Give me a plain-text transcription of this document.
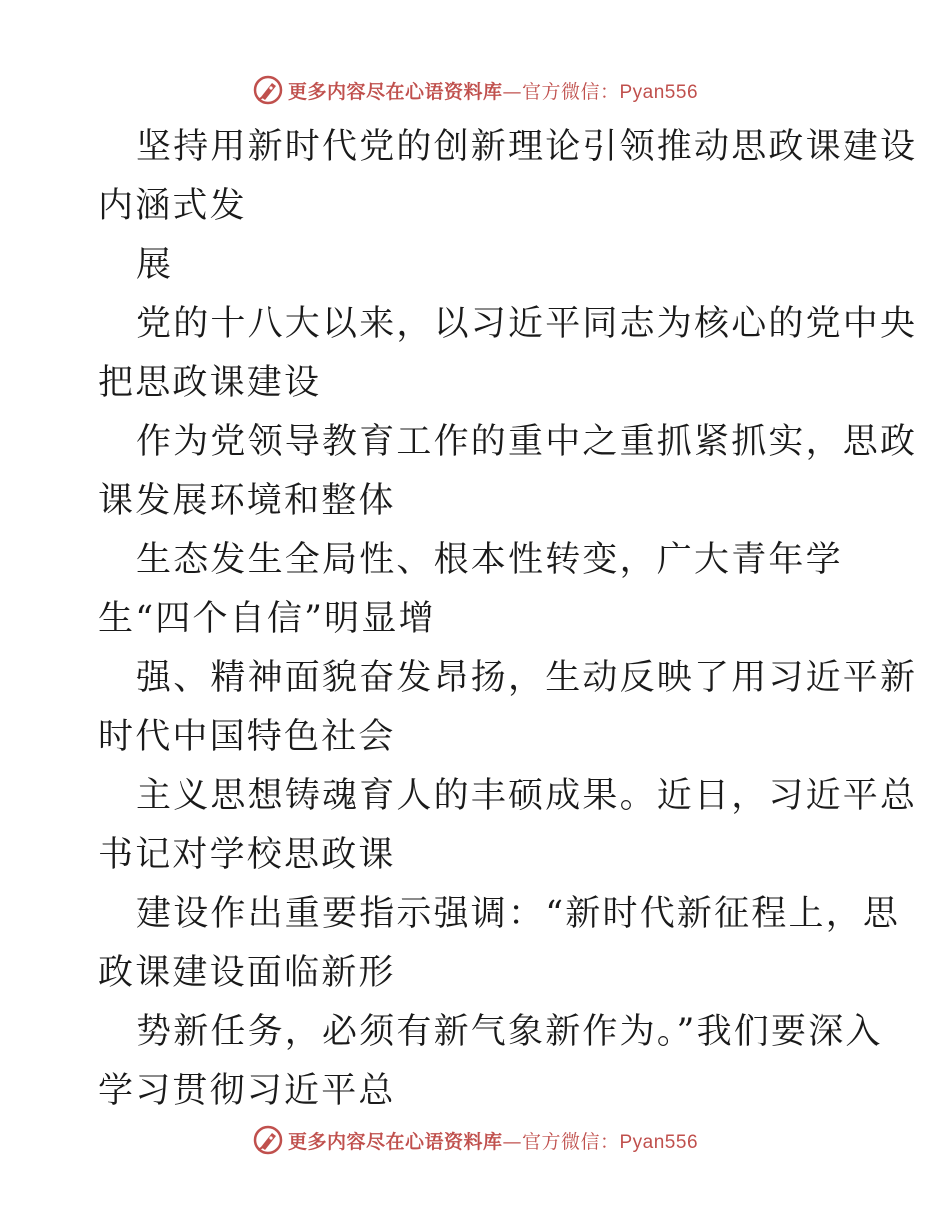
更多内容尽在心语资料库—官方微信：Pyan556
坚持用新时代党的创新理论引领推动思政课建设
内涵式发
展
党的十八大以来，以习近平同志为核心的党中央
把思政课建设
作为党领导教育工作的重中之重抓紧抓实，思政
课发展环境和整体
生态发生全局性、根本性转变，广大青年学
生“四个自信”明显增
强、精神面貌奋发昂扬，生动反映了用习近平新
时代中国特色社会
主义思想铸魂育人的丰硕成果。近日，习近平总
书记对学校思政课
建设作出重要指示强调：“新时代新征程上，思
政课建设面临新形
势新任务，必须有新气象新作为。”我们要深入
学习贯彻习近平总
更多内容尽在心语资料库—官方微信：Pyan556
